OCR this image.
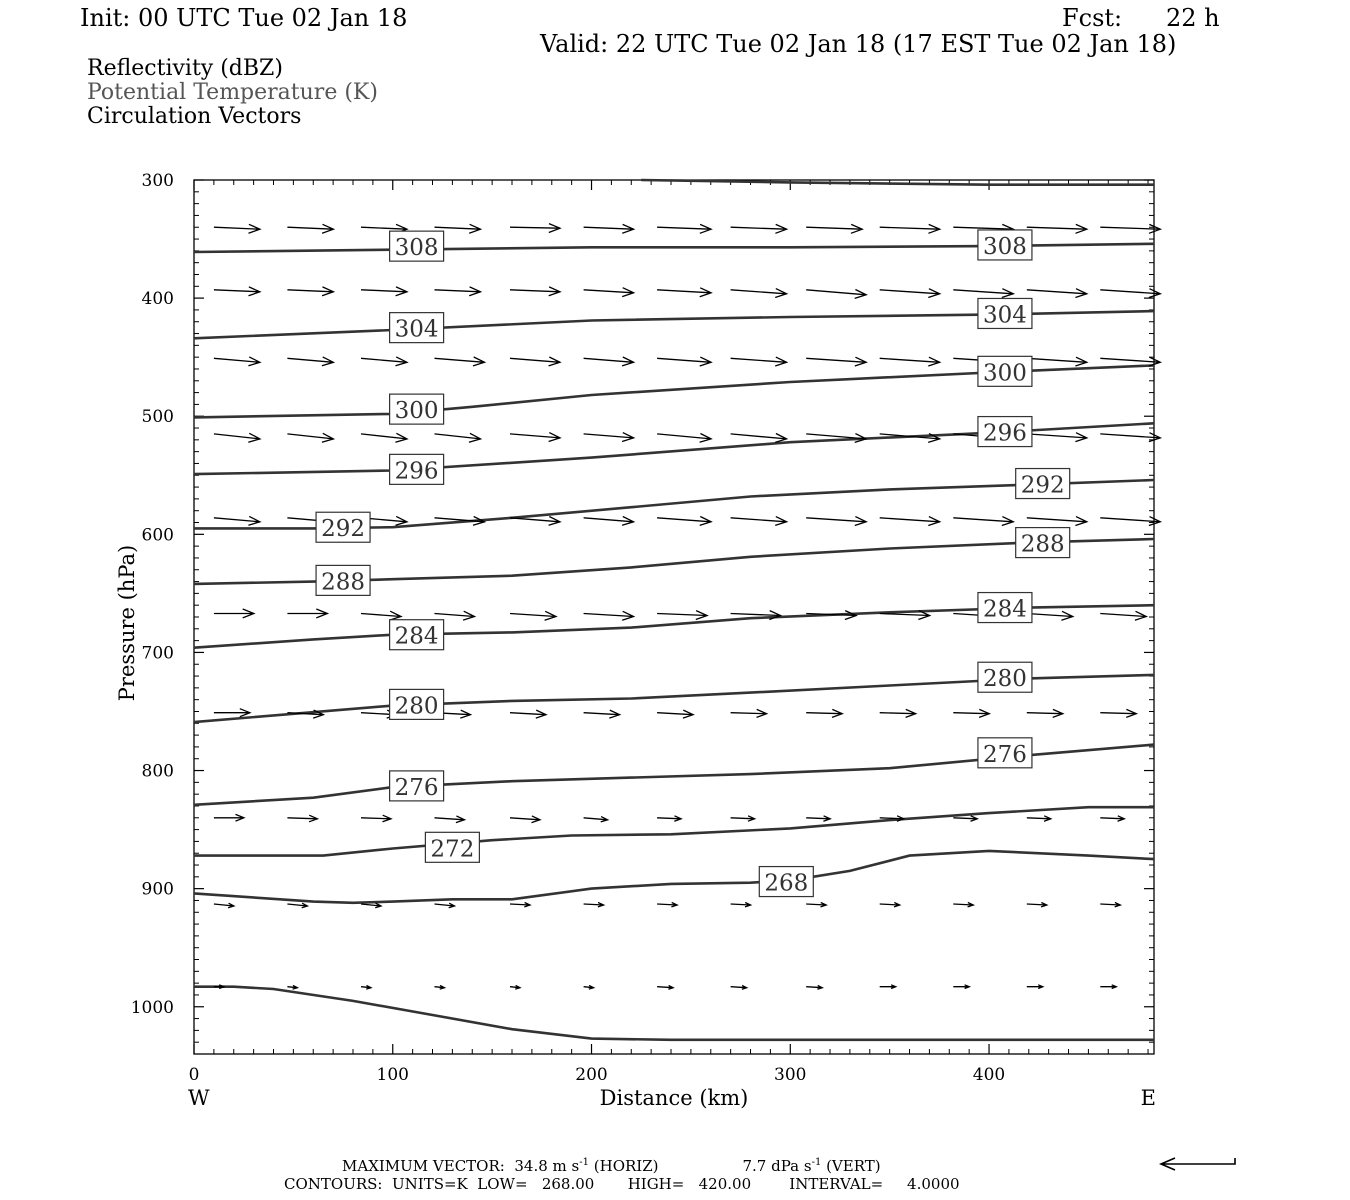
Init: 00 UTC Tue 02 Jan 18	Fcst: 22 h
Valid: 22 UTC Tue 02 Jan 18 (17 EST Tue 02 Jan 18)
Reflectivity (dBZ)
Potential Temperature (K)
Circulation Vectors
0	100	200	300	400
300
400
500
600
700
800
900
1000
Distance (km)
W	E
Pressure (hPa)
308	308
304
304
300
300
296
296
292
292
288
288
284
284
280
280
276
276
272
268
MAXIMUM VECTOR: 34.8 m $s^{-1}$ (HORIZ)	7.7 dPa $s^{-1}$ (VERT)
CONTOURS:  UNITS=K  LOW=   268.00       HIGH=   420.00        INTERVAL=     4.0000
